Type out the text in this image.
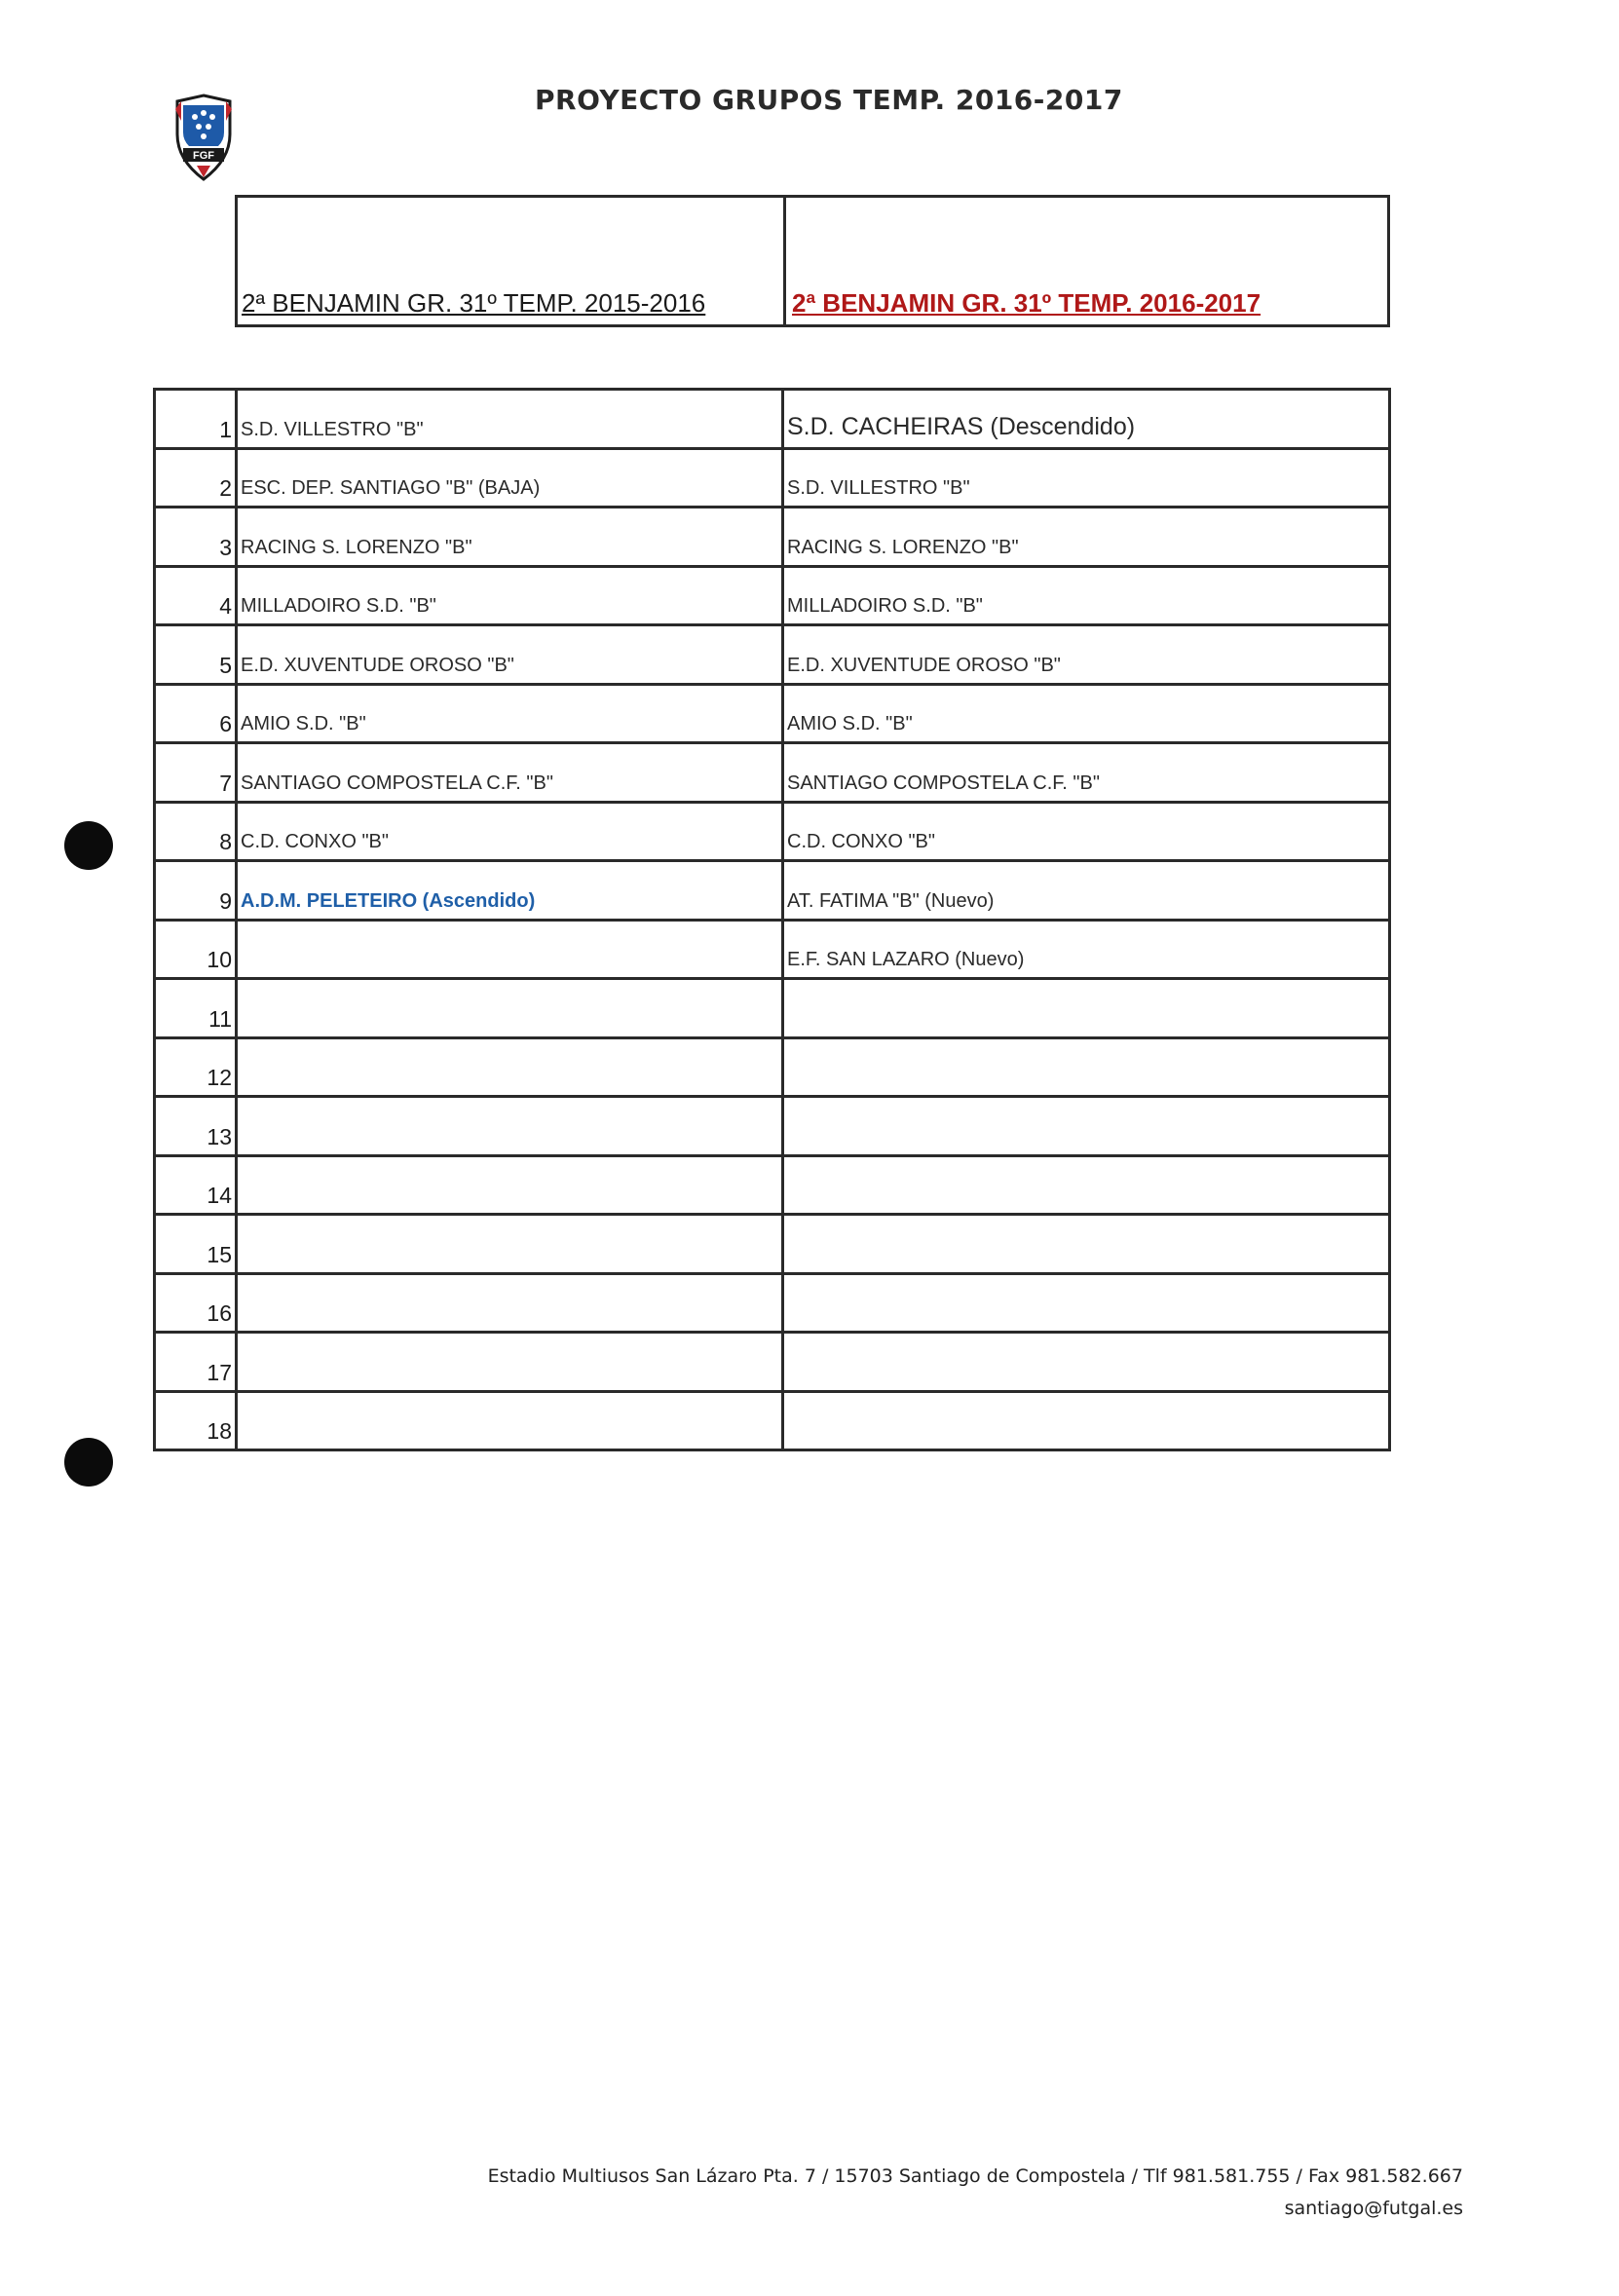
FGF
PROYECTO GRUPOS TEMP. 2016-2017
2ª BENJAMIN GR. 31º TEMP. 2015-2016	2ª BENJAMIN GR. 31º TEMP. 2016-2017
1	S.D. VILLESTRO "B"	S.D. CACHEIRAS (Descendido)
2	ESC. DEP. SANTIAGO "B" (BAJA)	S.D. VILLESTRO "B"
3	RACING S. LORENZO "B"	RACING S. LORENZO "B"
4	MILLADOIRO S.D. "B"	MILLADOIRO S.D. "B"
5	E.D. XUVENTUDE OROSO "B"	E.D. XUVENTUDE OROSO "B"
6	AMIO S.D. "B"	AMIO S.D. "B"
7	SANTIAGO COMPOSTELA C.F. "B"	SANTIAGO COMPOSTELA C.F. "B"
8	C.D. CONXO "B"	C.D. CONXO "B"
9	A.D.M. PELETEIRO (Ascendido)	AT. FATIMA "B" (Nuevo)
10		E.F. SAN LAZARO (Nuevo)
11		
12		
13		
14		
15		
16		
17		
18		
Estadio Multiusos San Lázaro Pta. 7 / 15703 Santiago de Compostela / Tlf 981.581.755 / Fax 981.582.667
santiago@futgal.es
